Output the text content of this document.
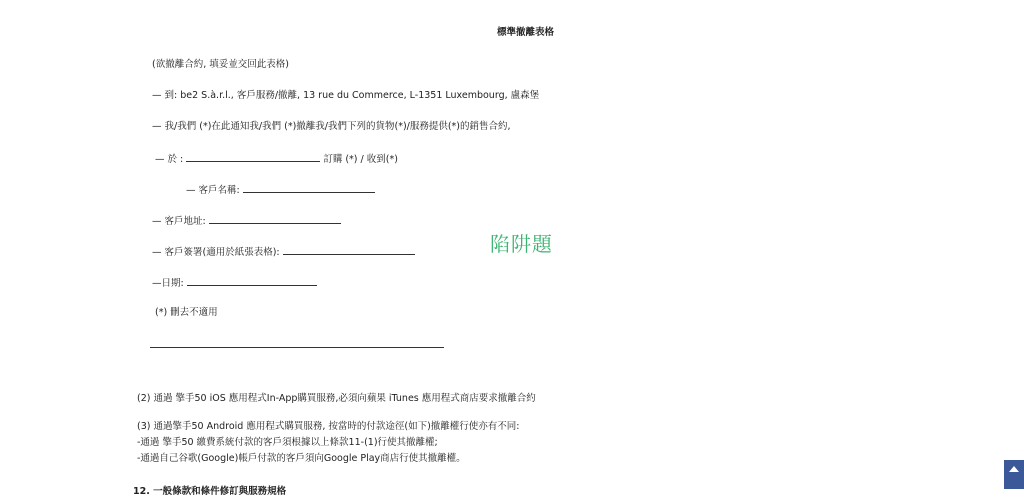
標準撤離表格
(欲撤離合約, 填妥並交回此表格)
— 到: be2 S.à.r.l., 客戶服務/撤離, 13 rue du Commerce, L-1351 Luxembourg, 盧森堡
— 我/我們 (*)在此通知我/我們 (*)撤離我/我們下列的貨物(*)/服務提供(*)的銷售合約,
— 於 :	訂購 (*) / 收到(*)
— 客戶名稱:
— 客戶地址:
— 客戶簽署(適用於紙張表格):
—日期:
(*) 刪去不適用
陷阱題
(2) 通過 擎手50 iOS 應用程式In-App購買服務,必須向蘋果 iTunes 應用程式商店要求撤離合約
(3) 通過擎手50 Android 應用程式購買服務, 按當時的付款途徑(如下)撤離權行使亦有不同:
-通過 擎手50 繳費系統付款的客戶須根據以上條款11-(1)行使其撤離權;
-通過自己谷歌(Google)帳戶付款的客戶須向Google Play商店行使其撤離權。
12. 一般條款和條件修訂與服務規格
